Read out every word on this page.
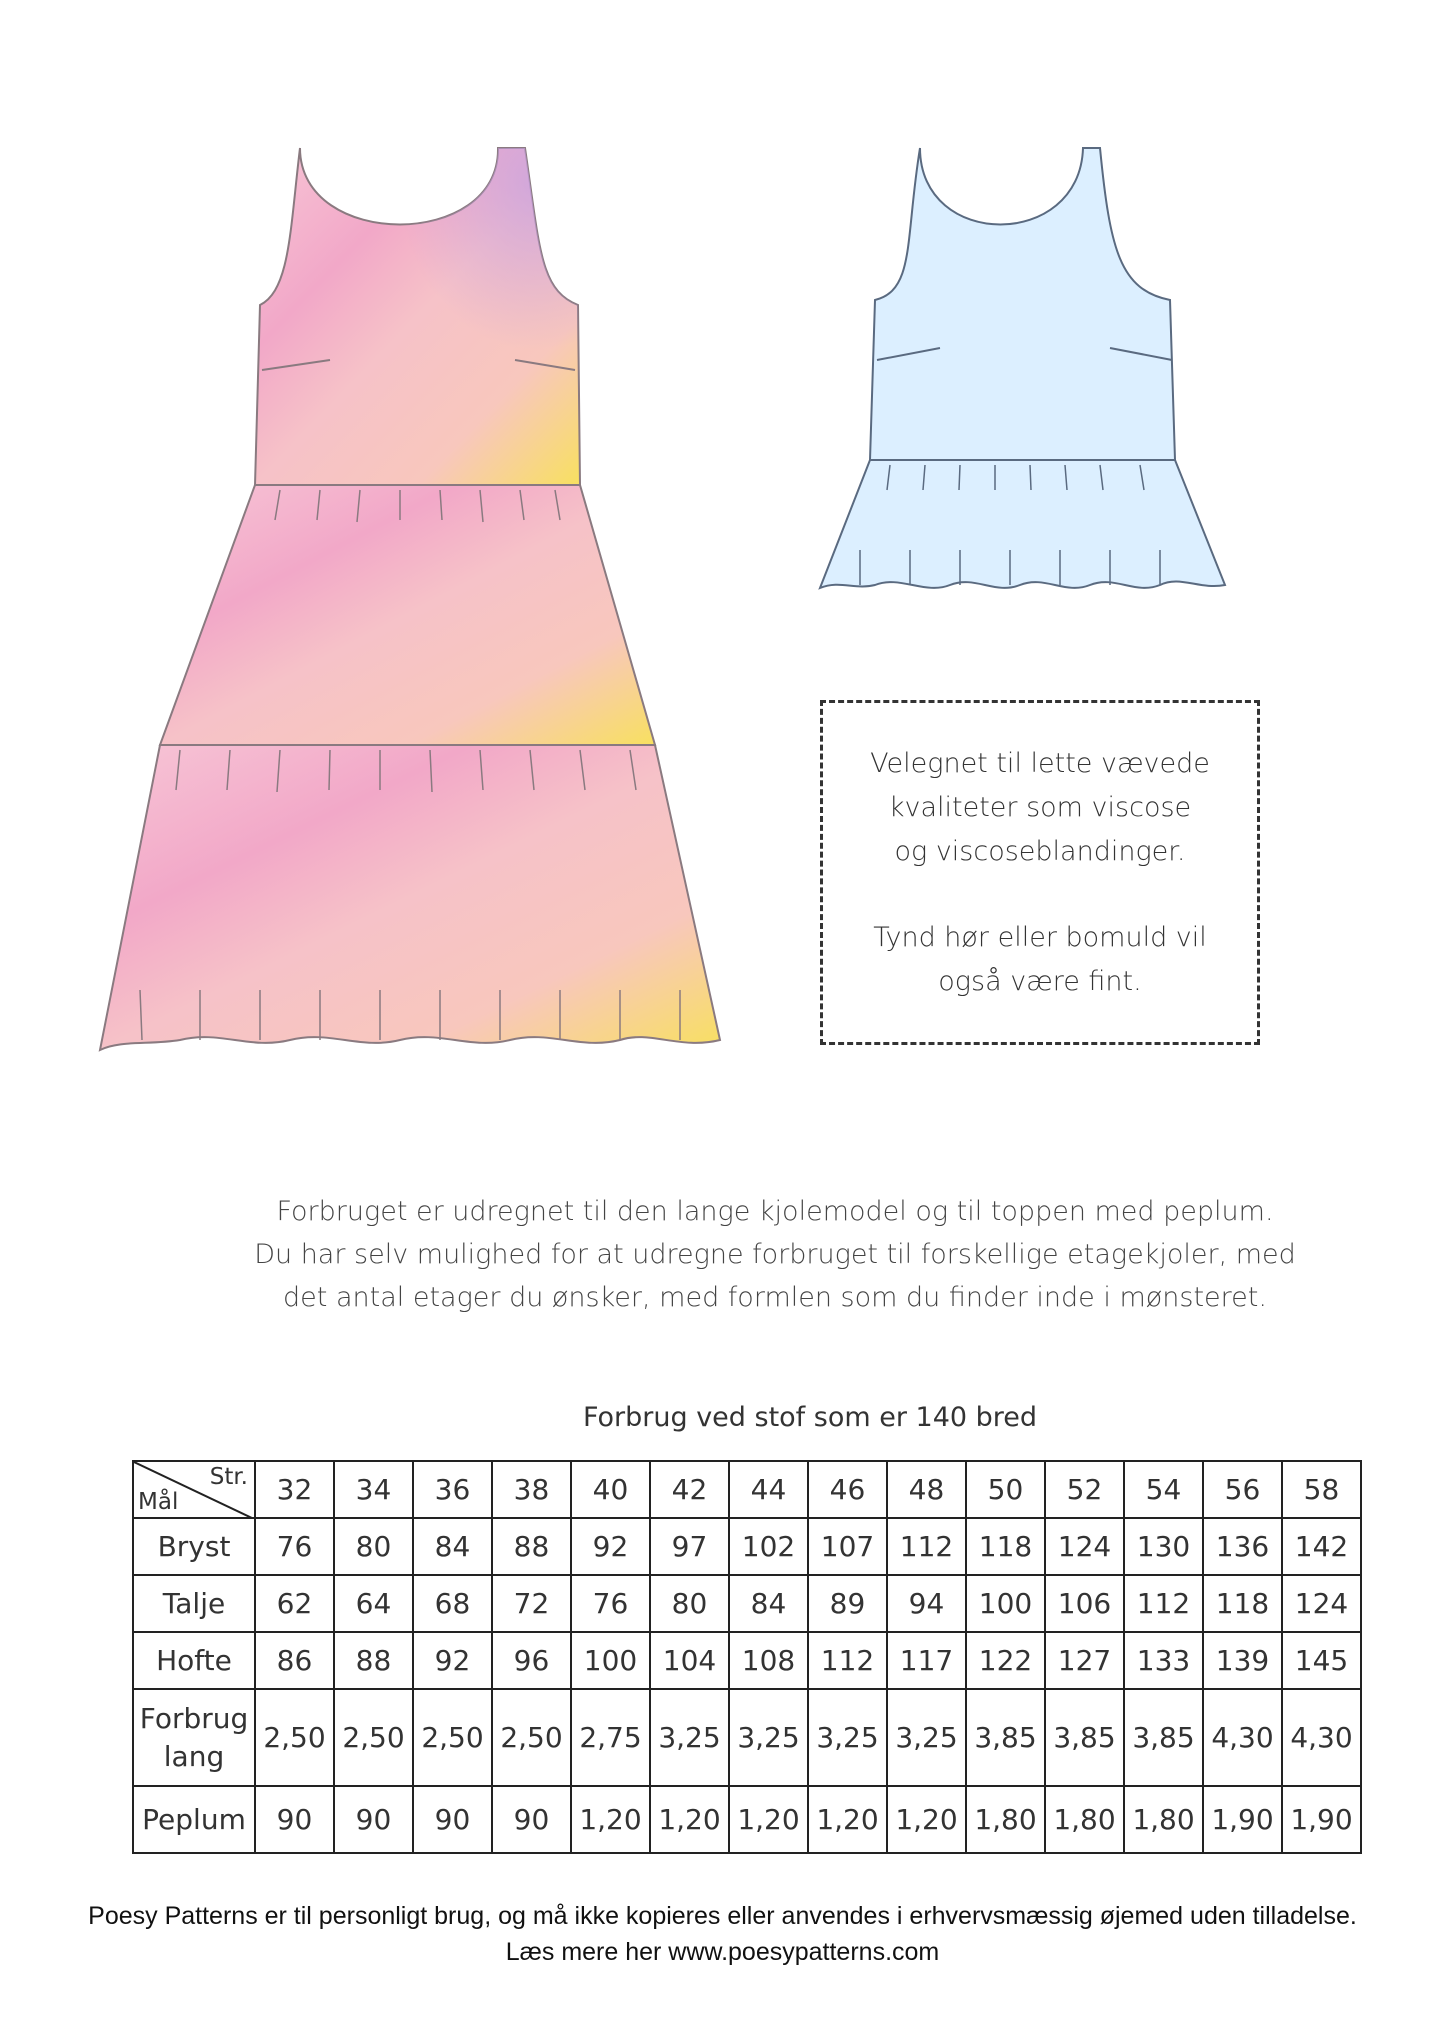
Velegnet til lette vævede
kvaliteter som viscose
og viscoseblandinger.

Tynd hør eller bomuld vil
også være fint.

Forbruget er udregnet til den lange kjolemodel og til toppen med peplum.
Du har selv mulighed for at udregne forbruget til forskellige etagekjoler, med
det antal etager du ønsker, med formlen som du finder inde i mønsteret.
Forbrug ved stof som er 140 bred
Str.
Mål	32	34	36	38	40	42	44	46	48	50	52	54	56	58
Bryst	76	80	84	88	92	97	102	107	112	118	124	130	136	142
Talje	62	64	68	72	76	80	84	89	94	100	106	112	118	124
Hofte	86	88	92	96	100	104	108	112	117	122	127	133	139	145
Forbrug
lang	2,50	2,50	2,50	2,50	2,75	3,25	3,25	3,25	3,25	3,85	3,85	3,85	4,30	4,30
Peplum	90	90	90	90	1,20	1,20	1,20	1,20	1,20	1,80	1,80	1,80	1,90	1,90
Poesy Patterns er til personligt brug, og må ikke kopieres eller anvendes i erhvervsmæssig øjemed uden tilladelse.
Læs mere her www.poesypatterns.com
